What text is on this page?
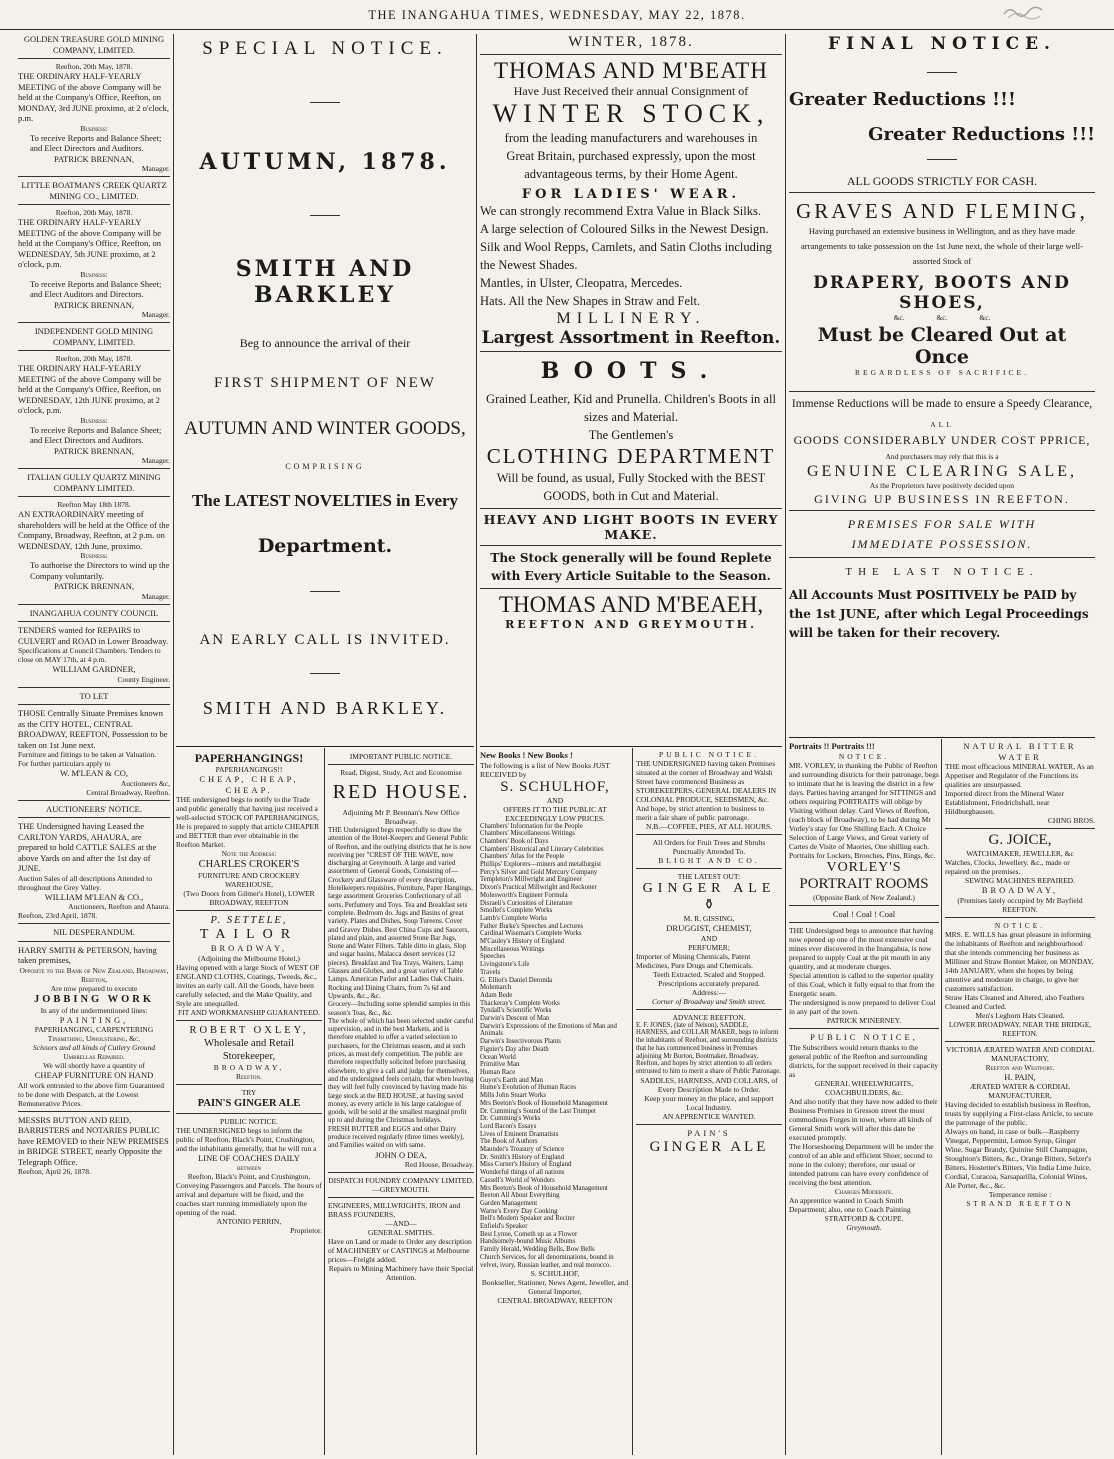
THE INANGAHUA TIMES, WEDNESDAY, MAY 22, 1878.
GOLDEN TREASURE GOLD MINING COMPANY, LIMITED.
Reefton, 20th May, 1878.
THE ORDINARY HALF-YEARLY MEETING of the above Company will be held at the Company's Office, Reefton, on MONDAY, 3rd JUNE proximo, at 2 o'clock, p.m.
Business:
To receive Reports and Balance Sheet; and Elect Directors and Auditors.
PATRICK BRENNAN,
Manager.
LITTLE BOATMAN'S CREEK QUARTZ MINING CO., LIMITED.
Reefton, 20th May, 1878.
THE ORDINARY HALF-YEARLY MEETING of the above Company will be held at the Company's Office, Reefton, on WEDNESDAY, 5th JUNE proximo, at 2 o'clock, p.m.
Business:
To receive Reports and Balance Sheet; and Elect Auditors and Directors.
PATRICK BRENNAN,
Manager.
INDEPENDENT GOLD MINING COMPANY, LIMITED.
Reefton, 20th May, 1878.
THE ORDINARY HALF-YEARLY MEETING of the above Company will be held at the Company's Office, Reefton, on WEDNESDAY, 12th JUNE proximo, at 2 o'clock, p.m.
Business:
To receive Reports and Balance Sheet; and Elect Directors and Auditors.
PATRICK BRENNAN,
Manager.
ITALIAN GULLY QUARTZ MINING COMPANY LIMITED.
Reefton May 18th 1878.
AN EXTRAORDINARY meeting of shareholders will be held at the Office of the Company, Broadway, Reefton, at 2 p.m. on WEDNESDAY, 12th June, proximo.
Business:
To authorise the Directors to wind up the Company voluntarily.
PATRICK BRENNAN,
Manager.
INANGAHUA COUNTY COUNCIL
TENDERS wanted for REPAIRS to CULVERT and ROAD in Lower Broadway.
Specifications at Council Chambers. Tenders to close on MAY 17th, at 4 p.m.
WILLIAM GARDNER,
County Engineer.
TO LET
THOSE Centrally Situate Premises known as the CITY HOTEL, CENTRAL BROADWAY, REEFTON, Possession to be taken on 1st June next.
Furniture and fittings to be taken at Valuation.
For further particulars apply to
W. M'LEAN & CO,
Auctioneers &c,
Central Broadway, Reefton.
AUCTIONEERS' NOTICE.
THE Undersigned having Leased the CARLTON YARDS, AHAURA, are prepared to hold CATTLE SALES at the above Yards on and after the 1st day of JUNE.
Auction Sales of all descriptions Attended to throughout the Grey Valley.
WILLIAM M'LEAN & CO.,
Auctioneers, Reefton and Ahaura.
Reefton, 23rd April, 1878.
NIL DESPERANDUM.
HARRY SMITH & PETERSON, having taken premises,
Opposite to the Bank of New Zealand, Broadway, Reefton,
Are now prepared to execute
JOBBING WORK
In any of the undermentioned lines:
PAINTING,
PAPERHANGING, CARPENTERING
Tinsmithing, Upholstering, &c.
Scissors and all kinds of Cutlery Ground
Umbrellas Repaired.
We will shortly have a quantity of
CHEAP FURNITURE ON HAND
All work entrusted to the above firm Guaranteed to be done with Despatch, at the Lowest Remunerative Prices.
MESSRS BUTTON AND REID, BARRISTERS and NOTARIES PUBLIC have REMOVED to their NEW PREMISES in BRIDGE STREET, nearly Opposite the Telegraph Office.
Reefton, April 26, 1878.
SPECIAL NOTICE.
AUTUMN, 1878.
SMITH AND BARKLEY
Beg to announce the arrival of their
FIRST SHIPMENT OF NEW
AUTUMN AND WINTER GOODS,
COMPRISING
The LATEST NOVELTIES in Every
Department.
AN EARLY CALL IS INVITED.
SMITH AND BARKLEY.
PAPERHANGINGS!
PAPERHANGINGS!!
CHEAP, CHEAP, CHEAP.
THE undersigned begs to notify to the Trade and public generally that having just received a well-selected STOCK OF PAPERHANGINGS, He is prepared to supply that article CHEAPER and BETTER than ever obtainable in the Reefton Market.
Note the Address:
CHARLES CROKER'S
FURNITURE AND CROCKERY WAREHOUSE,
(Two Doors from Gilmer's Hotel), LOWER BROADWAY, REEFTON
P. SETTELE,
TAILOR
BROADWAY,
(Adjoining the Melbourne Hotel,)
Having opened with a large Stock of WEST OF ENGLAND CLOTHS, Coatings, Tweeds, &c., invites an early call. All the Goods, have been carefully selected, and the Make Quality, and Style are unequalled.
FIT AND WORKMANSHIP GUARANTEED.
ROBERT OXLEY,
Wholesale and Retail
Storekeeper,
BROADWAY,
Reefton.
TRY
PAIN'S GINGER ALE
PUBLIC NOTICE.
THE UNDERSIGNED begs to inform the public of Reefton, Black's Point, Crushington, and the inhabitants generally, that he will run a
LINE OF COACHES DAILY
between
Reefton, Black's Point, and Crushington,
Conveying Passengers and Parcels. The hours of arrival and departure will be fixed, and the coaches start running immediately upon the opening of the road.
ANTONIO PERRIN,
Proprietor.
IMPORTANT PUBLIC NOTICE.
Read, Digest, Study, Act and Economise
RED HOUSE.
Adjoining Mr P. Brennan's New Office Broadway.
THE Undersigned begs respectfully to draw the attention of the Hotel-Keepers and General Public of Reefton, and the outlying districts that he is now receiving per "CREST OF THE WAVE, now discharging at Greymouth. A large and varied assortment of General Goods, Consisting of—
Crockery and Glassware of every description, Hotelkeepers requisites, Furniture, Paper Hangings, large assortment Groceries Confectionary of all sorts, Perfumery and Toys. Tea and Breakfast sets complete. Bedroom do. Jugs and Basins of great variety. Plates and Dishes, Soup Tureens. Cover and Gravey Dishes. Best China Cups and Saucers, plated and plain, and assorted Stone Bar Jugs, Stone and Water Filters. Table ditto in glass, Slop and sugar basins, Malacca desert services (12 pieces). Breakfast and Tea Trays, Waiters, Lamp Glasses and Globes, and a great variety of Table Lamps. American Parlor and Ladies Oak Chairs.
Rocking and Dining Chairs, from 7s 6d and Upwards, &c., &c.
Grocery—Including some splendid samples in this season's Teas, &c., &c.
The whole of which has been selected under careful supervision, and in the best Markets, and is therefore enabled to offer a varied selection to purchasers, for the Christmas season, and at such prices, as must defy competition. The public are therefore respectfully solicited before purchasing elsewhere, to give a call and judge for themselves, and the undersigned feels certain, that when leaving they will feel fully convinced by having made his large stock at the RED HOUSE, at having saved money, as every article in his large catalogue of goods, will be sold at the smallest marginal profit up to and during the Christmas holidays.
FRESH BUTTER and EGGS and other Dairy produce received regularly (three times weekly), and Families waited on with same.
JOHN O DEA,
Red House, Broadway.
DISPATCH FOUNDRY COMPANY LIMITED.—GREYMOUTH.
ENGINEERS, MILLWRIGHTS, IRON and BRASS FOUNDERS,
—AND—
GENERAL SMITHS.
Have on Land or made to Order any description of MACHINERY or CASTINGS at Melbourne prices—Freight added.
Repairs to Mining Machinery have their Special Attention.
WINTER, 1878.
THOMAS AND M'BEATH
Have Just Received their annual Consignment of
WINTER STOCK,
from the leading manufacturers and warehouses in Great Britain, purchased expressly, upon the most advantageous terms, by their Home Agent.
FOR LADIES' WEAR.
We can strongly recommend Extra Value in Black Silks.
A large selection of Coloured Silks in the Newest Design.
Silk and Wool Repps, Camlets, and Satin Cloths including the Newest Shades.
Mantles, in Ulster, Cleopatra, Mercedes.
Hats. All the New Shapes in Straw and Felt.
MILLINERY.
Largest Assortment in Reefton.
BOOTS.
Grained Leather, Kid and Prunella. Children's Boots in all sizes and Material.
The Gentlemen's
CLOTHING DEPARTMENT
Will be found, as usual, Fully Stocked with the BEST GOODS, both in Cut and Material.
HEAVY AND LIGHT BOOTS IN EVERY MAKE.
The Stock generally will be found Replete with Every Article Suitable to the Season.
THOMAS AND M'BEAEH,
REEFTON AND GREYMOUTH.
New Books ! New Books !
The following is a list of New Books JUST RECEIVED by
S. SCHULHOF,
AND
OFFERS IT TO THE PUBLIC AT EXCEEDINGLY LOW PRICES.
Chambers' Information for the People
Chambers' Miscellaneous Writings
Chambers' Book of Days
Chambers' Historical and Literary Celebrities
Chambers' Atlas for the People
Phillips' Explorers—miners and metallurgist
Percy's Silver and Gold Mercury Company
Templeton's Millwright and Engineer
Dixon's Practical Millwright and Reckoner
Molesworth's Engineer Formula
Disraeli's Curiosities of Literature
Smollet's Complete Works
Lamb's Complete Works
Father Burke's Speeches and Lectures
Cardinal Wiseman's Complete Works
M'Cauley's History of England
Miscellaneous Writings
Speeches
Livingstone's Life
Travels
G. Elliot's Daniel Deronda
Molemarch
Adam Bede
Thackeray's Complete Works
Tyndall's Scientific Works
Darwin's Descent of Man
Darwin's Expressions of the Emotions of Man and Animals
Darwin's Insectivorous Plants
Figuier's Day after Death
Ocean World
Primitive Man
Human Race
Guyot's Earth and Man
Hume's Evolution of Human Races
Mills John Stuart Works
Mrs Beeton's Book of Household Management
Dr. Cumming's Sound of the Last Trumpet
Dr. Cumming's Works
Lord Bacon's Essays
Lives of Eminent Dramatists
The Book of Authors
Maunder's Treasury of Science
Dr. Smith's History of England
Miss Curner's History of England
Wonderful things of all nations
Cassell's World of Wonders
Mrs Beeton's Book of Household Management
Beeton All About Everything
Garden Management
Warne's Every Day Cooking
Bell's Modern Speaker and Reciter
Enfield's Speaker
Best Lynne, Cometh up as a Flower
Handsomely-bound Music Albums
Family Herald, Wedding Bells, Bow Bells
Church Services, for all denominations, bound in velvet, ivory, Russian leather, and real morocco.
S. SCHULHOF,
Bookseller, Stationer, News Agent, Jeweller, and General Importer,
CENTRAL BROADWAY, REEFTON
PUBLIC NOTICE.
THE UNDERSIGNED having taken Premises situated at the corner of Broadway and Walsh Street have commenced Business as STOREKEEPERS, GENERAL DEALERS IN COLONIAL PRODUCE, SEEDSMEN, &c. And hope, by strict attention to business to merit a fair share of public patronage.
N.B.—COFFEE, PIES, AT ALL HOURS.
All Orders for Fruit Trees and Shrubs Punctually Attended To.
BLIGHT AND CO.
THE LATEST OUT:
GINGER ALE
⚱
M. R. GISSING,
DRUGGIST, CHEMIST,
AND
PERFUMER;
Importer of Mining Chemicals, Patent Medicines, Pure Drugs and Chemicals.
Teeth Extracted, Scaled and Stopped.
Prescriptions accurately prepared.
Address:—
Corner of Broadway and Smith street.
ADVANCE REEFTON.
E. F. JONES, (late of Nelson), SADDLE, HARNESS, and COLLAR MAKER, begs to inform the inhabitants of Reefton, and surrounding districts that he has commenced business in Premises adjoining Mr Burton, Bootmaker, Broadway, Reefton, and hopes by strict attention to all orders entrusted to him to merit a share of Public Patronage.
SADDLES, HARNESS, AND COLLARS, of Every Description Made to Order.
Keep your money in the place, and support Local Industry.
AN APPRENTICE WANTED.
PAIN'S
GINGER ALE
FINAL NOTICE.
Greater Reductions !!!
Greater Reductions !!!
ALL GOODS STRICTLY FOR CASH.
GRAVES AND FLEMING,
Having purchased an extensive business in Wellington, and as they have made arrangements to take possession on the 1st June next, the whole of their large well-assorted Stock of
DRAPERY, BOOTS AND SHOES,
&c. &c. &c.
Must be Cleared Out at Once
REGARDLESS OF SACRIFICE.
Immense Reductions will be made to ensure a Speedy Clearance,
ALL
GOODS CONSIDERABLY UNDER COST PPRICE,
And purchasers may rely that this is a
GENUINE CLEARING SALE,
As the Proprietors have positively decided upon
GIVING UP BUSINESS IN REEFTON.
PREMISES FOR SALE WITH IMMEDIATE POSSESSION.
THE LAST NOTICE.
All Accounts Must POSITIVELY be PAID by the 1st JUNE, after which Legal Proceedings will be taken for their recovery.
Portraits !! Portraits !!!
NOTICE.
MR. VORLEY, in thanking the Public of Reefton and surrounding districts for their patronage, begs to intimate that he is leaving the district in a few days. Parties having arranged for SITTINGS and others requiring PORTRAITS will oblige by Visiting without delay. Card Views of Reefton, (each block of Broadway), to be had during Mr Vorley's stay for One Shilling Each. A Choice Selection of Large Views, and Great variety of Cartes de Visite of Maories, One shilling each. Portraits for Lockets, Brooches, Pins, Rings, &c.
VORLEY'S
PORTRAIT ROOMS
(Opposite Bank of New Zealand.)
Coal ! Coal ! Coal
THE Undersigned begs to announce that having now opened up one of the most extensive coal mines ever discovered in the Inangahua, is now prepared to supply Coal at the pit mouth in any quantity, and at moderate charges.
Special attention is called to the superior quality of this Coal, which it fully equal to that from the Energetic seam.
The undersigned is now prepared to deliver Coal in any part of the town.
PATRICK M'INERNEY.
PUBLIC NOTICE,
The Subscribers would return thanks to the general public of the Reefton and surrounding districts, for the support received in their capacity as
GENERAL WHEELWRIGHTS, COACHBUILDERS, &c.
And also notify that they have now added to their Business Premises in Gresson street the most commodious Forges in town, where all kinds of General Smith work will after this date be executed promptly.
The Horseshoeing Department will be under the control of an able and efficient Shoer, second to none in the colony; therefore, our usual or intended patrons can have every confidence of receiving the best attention.
Charges Moderate.
An apprentice wanted in Coach Smith Department; also, one to Coach Painting
STRATFORD & COUPE.
Greymouth.
NATURAL BITTER WATER
THE most efficacious MINERAL WATER, As an Appetiser and Regulator of the Functions its qualities are unsurpassed.
Imported direct from the Mineral Water Establishment, Friedrichshall, near Hildburghausen.
CHING BROS.
G. JOICE,
WATCHMAKER, JEWELLER, &c
Watches, Clocks, Jewellery. &c., made or repaired on the premises.
SEWING MACHINES REPAIRED.
BROADWAY,
(Premises lately occupied by Mr Bayfield REEFTON.
NOTICE.
MRS. E. WILLS has great pleasure in informing the inhabitants of Reefton and neighbourhood that she intends commencing her business as Milliner and Straw Bonnet Maker, on MONDAY, 14th JANUARY, when she hopes by being attentive and moderate in charge, to give her customers satisfaction.
Straw Hats Cleaned and Altered, also Feathers Cleaned and Curled.
Men's Leghorn Hats Cleaned.
LOWER BROADWAY, NEAR THE BRIDGE, REEFTON.
VICTORIA ÆRATED WATER AND CORDIAL MANUFACTORY,
Reefton and Westport.
H. PAIN,
ÆRATED WATER & CORDIAL MANUFACTURER,
Having decided to establish business in Reefton, trusts by supplying a First-class Article, to secure the patronage of the public.
Always on hand, in case or bulk—Raspberry Vinegar, Peppermint, Lemon Syrup, Ginger Wine, Sugar Brandy, Quinine Still Champagne, Stoughton's Bitters, &c., Orange Bitters, Selzer's Bitters, Hostetter's Bitters, Vin India Lime Juice, Cordial, Curacoa, Sarsaparilla, Colonial Wines, Ale Porter, &c., &c.
Temperance remise :
STRAND REEFTON
